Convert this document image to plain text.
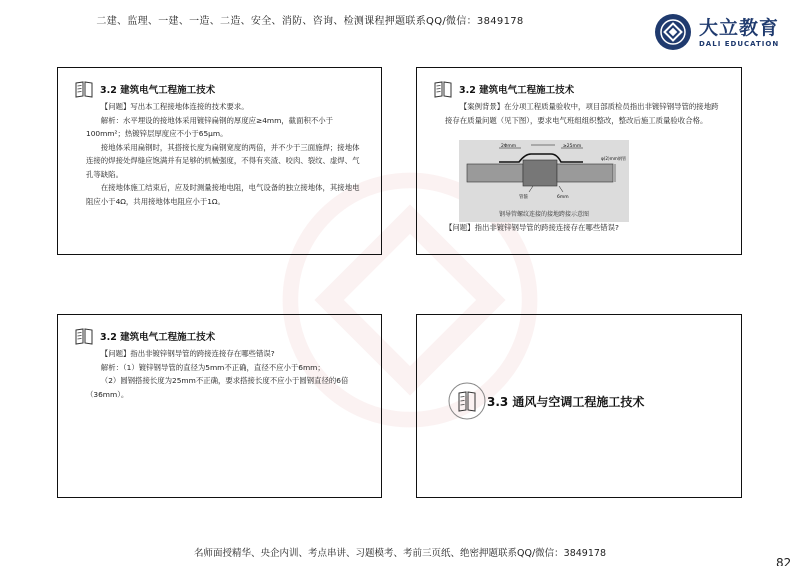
二建、监理、一建、一造、二造、安全、消防、咨询、检测课程押题联系QQ/微信：3849178	大立教育
DALI EDUCATION
3.2 建筑电气工程施工技术

【问题】写出本工程接地体连接的技术要求。

解析：水平埋设的接地体采用镀锌扁钢的厚度应≥4mm，截面积不小于100mm²；热镀锌层厚度应不小于65μm。

接地体采用扁钢时，其搭接长度为扁钢宽度的两倍，并不少于三面施焊；接地体连接的焊接处焊缝应饱满并有足够的机械强度，不得有夹渣、咬肉、裂纹、虚焊、气孔等缺陷。

在接地体施工结束后，应及时测量接地电阻，电气设备的独立接地体，其接地电阻应小于4Ω，共用接地体电阻应小于1Ω。

3.2 建筑电气工程施工技术

【案例背景】在分项工程质量验收中，项目部质检员指出非镀锌钢导管的接地跨接存在质量问题（见下图），要求电气班组组织整改，整改后施工质量验收合格。

2Φmm	≥25mm
管箍	6mm
φ(2)mm钢管
钢导管螺纹连接的接地跨接示意图
【问题】指出非镀锌钢导管的跨接连接存在哪些错误?
3.2 建筑电气工程施工技术

【问题】指出非镀锌钢导管的跨接连接存在哪些错误?

解析：（1）镀锌钢导管的直径为5mm不正确，直径不应小于6mm；

（2）圆钢搭接长度为25mm不正确，要求搭接长度不应小于圆钢直径的6倍（36mm）。

3.3 通风与空调工程施工技术
名师面授精华、央企内训、考点串讲、习题模考、考前三页纸、绝密押题联系QQ/微信：3849178
82
